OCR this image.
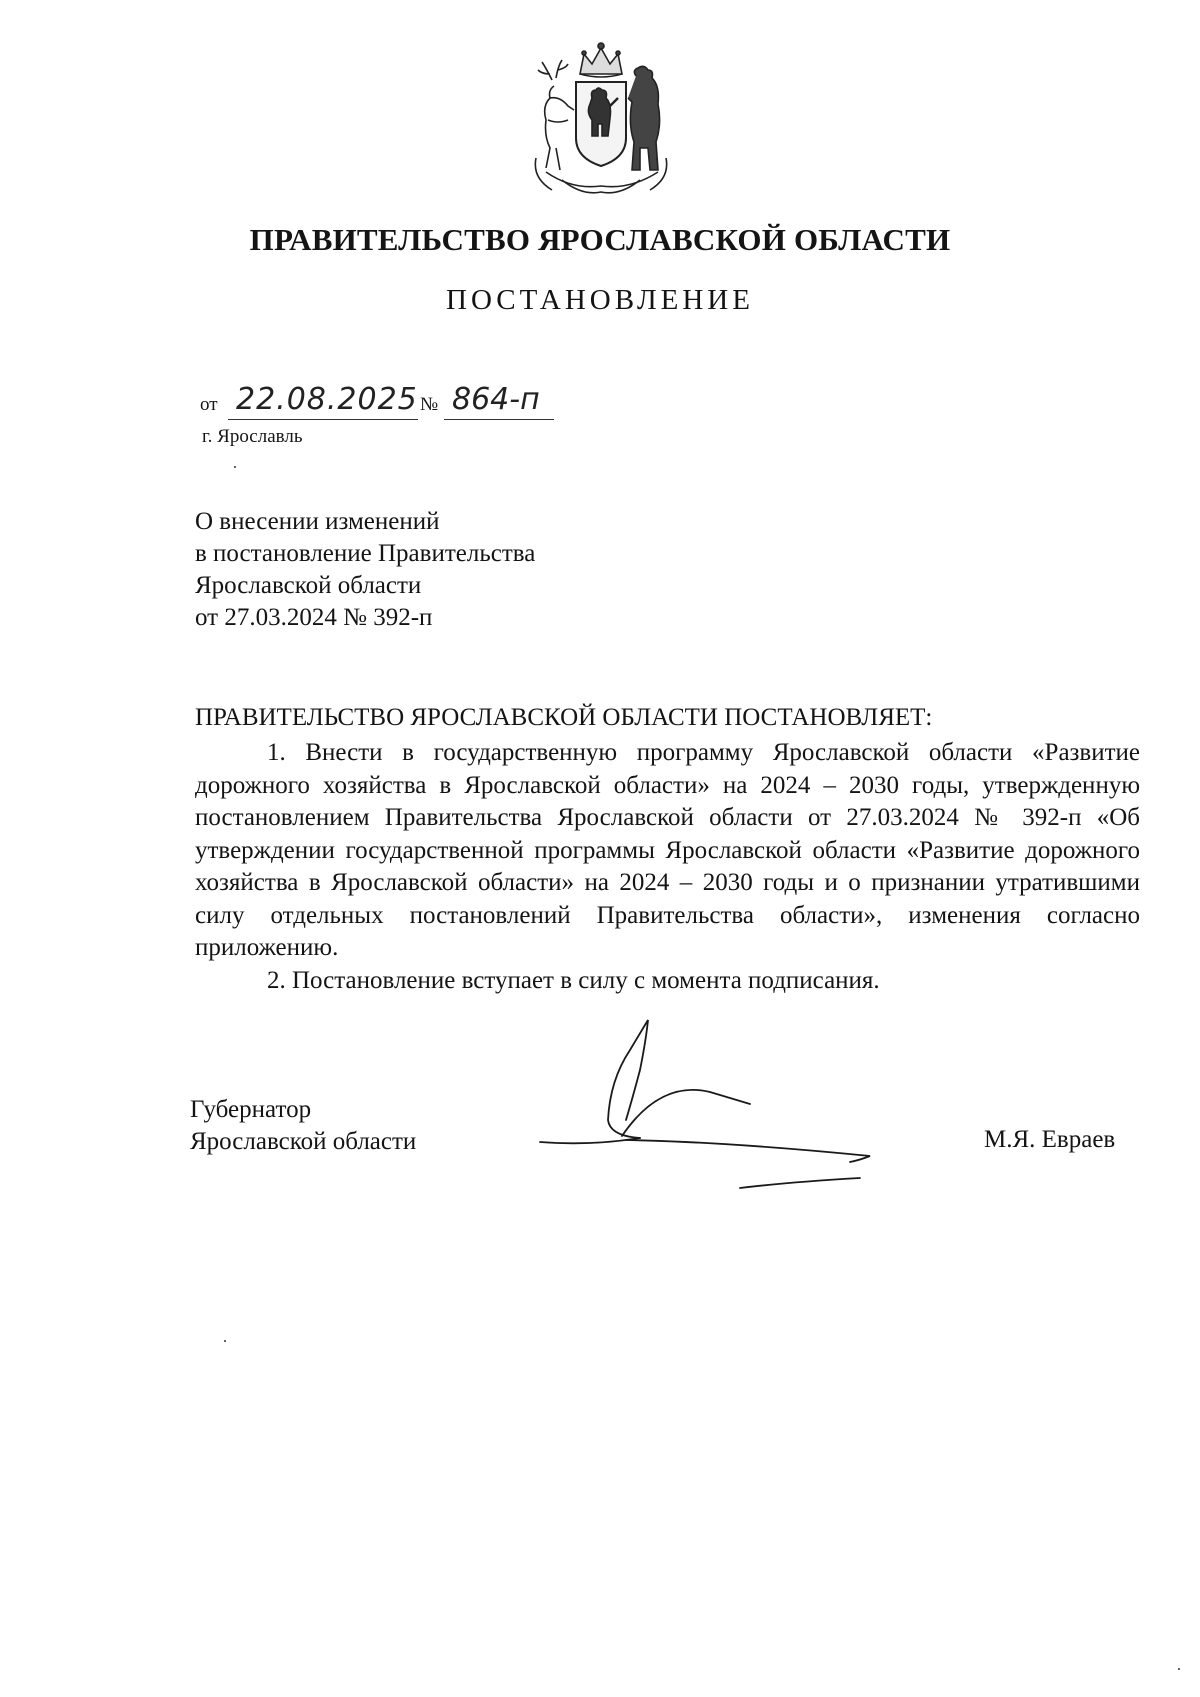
ПРАВИТЕЛЬСТВО ЯРОСЛАВСКОЙ ОБЛАСТИ
ПОСТАНОВЛЕНИЕ
от 22.08.2025 № 864-п
г. Ярославль
О внесении изменений
в постановление Правительства
Ярославской области
от 27.03.2024 № 392-п
ПРАВИТЕЛЬСТВО ЯРОСЛАВСКОЙ ОБЛАСТИ ПОСТАНОВЛЯЕТ:

1. Внести в государственную программу Ярославской области «Развитие дорожного хозяйства в Ярославской области» на 2024 – 2030 годы, утвержденную постановлением Правительства Ярославской области от 27.03.2024 № 392-п «Об утверждении государственной программы Ярославской области «Развитие дорожного хозяйства в Ярославской области» на 2024 – 2030 годы и о признании утратившими силу отдельных постановлений Правительства области», изменения согласно приложению.

2. Постановление вступает в силу с момента подписания.

Губернатор
Ярославской области	М.Я. Евраев
